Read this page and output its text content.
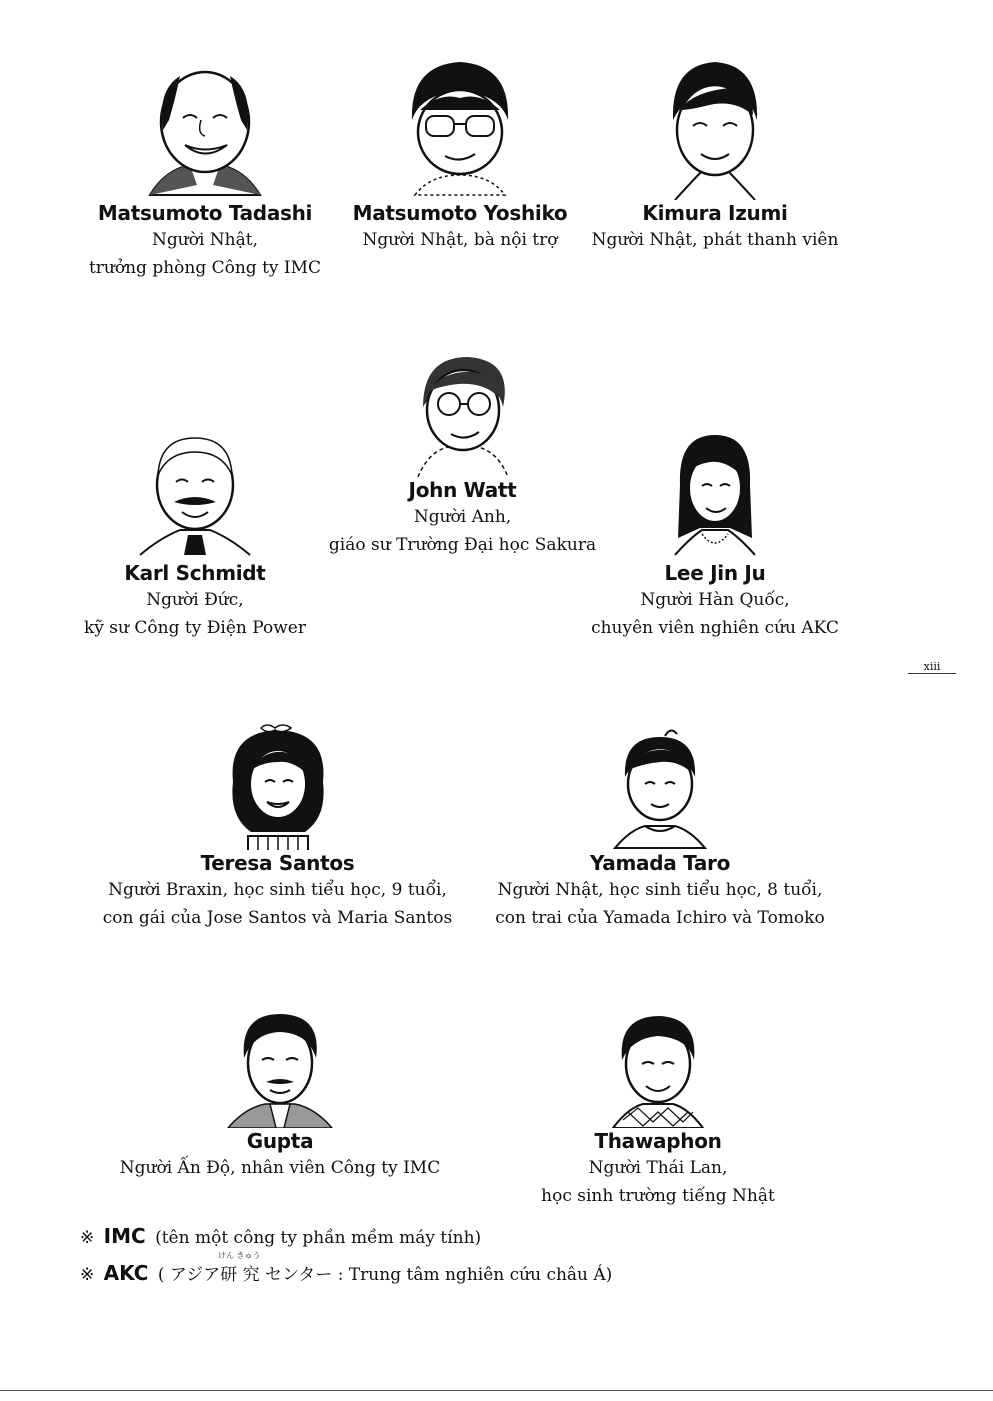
Matsumoto Tadashi
Người Nhật,
trưởng phòng Công ty IMC
Matsumoto Yoshiko
Người Nhật, bà nội trợ
Kimura Izumi
Người Nhật, phát thanh viên
John Watt
Người Anh,
giáo sư Trường Đại học Sakura
Karl Schmidt
Người Đức,
kỹ sư Công ty Điện Power
Lee Jin Ju
Người Hàn Quốc,
chuyên viên nghiên cứu AKC
xiii
Teresa Santos
Người Braxin, học sinh tiểu học, 9 tuổi,
con gái của Jose Santos và Maria Santos
Yamada Taro
Người Nhật, học sinh tiểu học, 8 tuổi,
con trai của Yamada Ichiro và Tomoko
Gupta
Người Ấn Độ, nhân viên Công ty IMC
Thawaphon
Người Thái Lan,
học sinh trường tiếng Nhật
※ IMC (tên một công ty phần mềm máy tính)
けん きゅう
※ AKC ( アジア研 究 センター : Trung tâm nghiên cứu châu Á)
